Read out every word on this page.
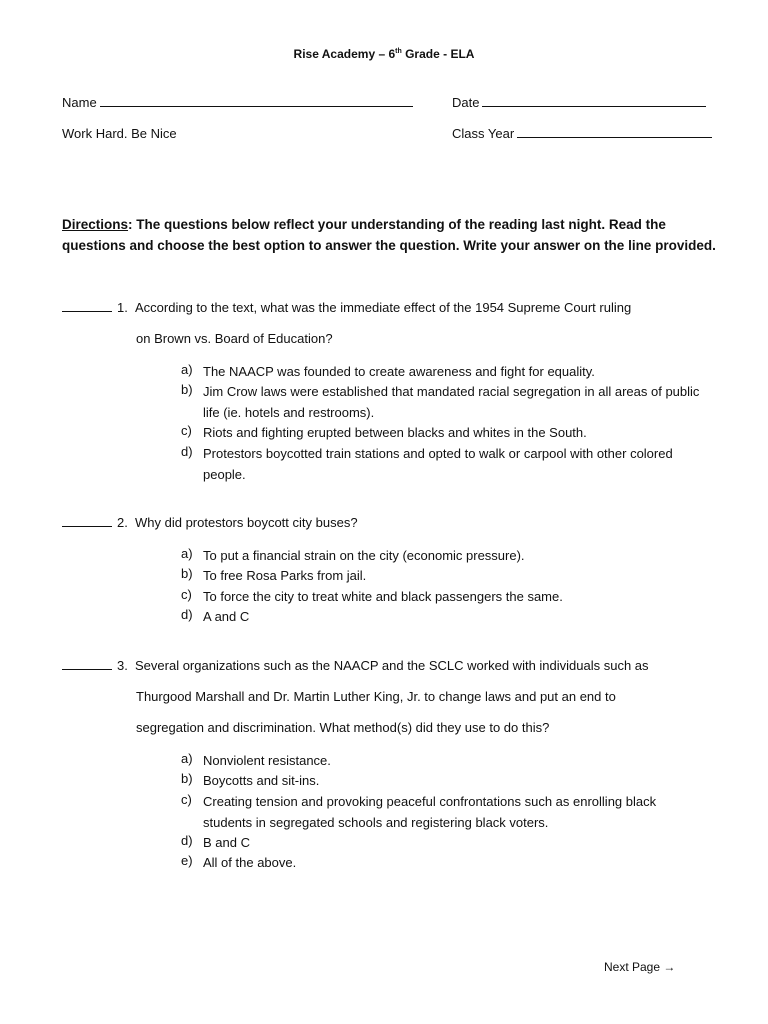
Rise Academy – 6th Grade - ELA
Name	Date
Work Hard. Be Nice	Class Year
Directions: The questions below reflect your understanding of the reading last night. Read the questions and choose the best option to answer the question. Write your answer on the line provided.
1. According to the text, what was the immediate effect of the 1954 Supreme Court ruling
on Brown vs. Board of Education?
a) The NAACP was founded to create awareness and fight for equality.
b) Jim Crow laws were established that mandated racial segregation in all areas of public life (ie. hotels and restrooms).
c) Riots and fighting erupted between blacks and whites in the South.
d) Protestors boycotted train stations and opted to walk or carpool with other colored people.
2. Why did protestors boycott city buses?
a) To put a financial strain on the city (economic pressure).
b) To free Rosa Parks from jail.
c) To force the city to treat white and black passengers the same.
d) A and C
3. Several organizations such as the NAACP and the SCLC worked with individuals such as
Thurgood Marshall and Dr. Martin Luther King, Jr. to change laws and put an end to
segregation and discrimination. What method(s) did they use to do this?
a) Nonviolent resistance.
b) Boycotts and sit-ins.
c) Creating tension and provoking peaceful confrontations such as enrolling black students in segregated schools and registering black voters.
d) B and C
e) All of the above.
Next Page →
